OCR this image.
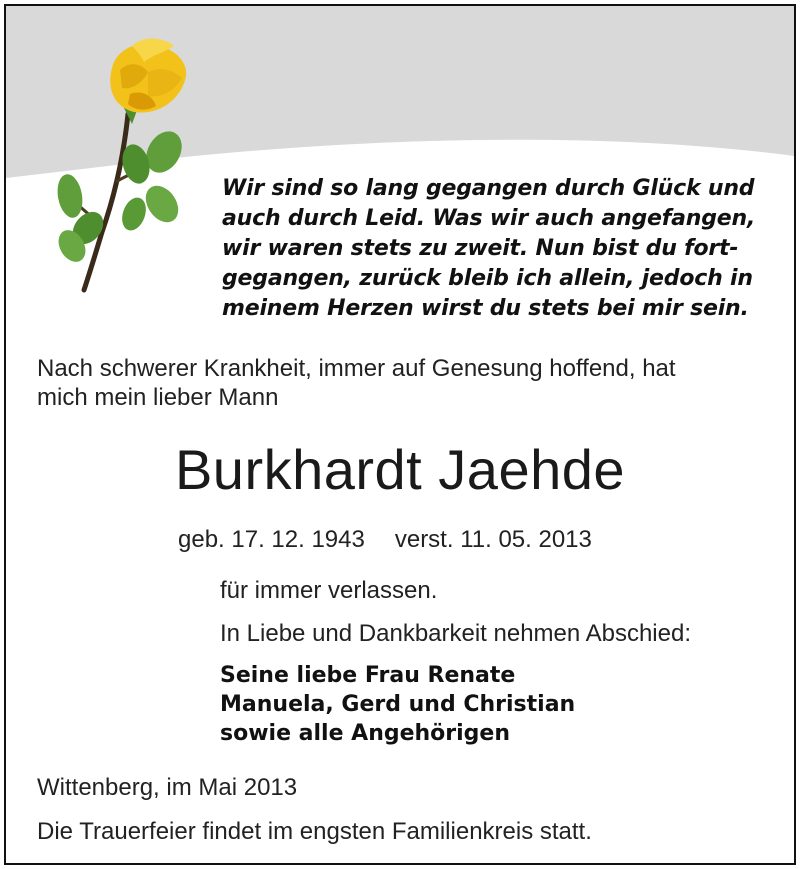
Wir sind so lang gegangen durch Glück und
auch durch Leid. Was wir auch angefangen,
wir waren stets zu zweit. Nun bist du fort-
gegangen, zurück bleib ich allein, jedoch in
meinem Herzen wirst du stets bei mir sein.

Nach schwerer Krankheit, immer auf Genesung hoffend, hat
mich mein lieber Mann

Burkhardt Jaehde
geb. 17. 12. 1943 verst. 11. 05. 2013
für immer verlassen.
In Liebe und Dankbarkeit nehmen Abschied:
Seine liebe Frau Renate
Manuela, Gerd und Christian
sowie alle Angehörigen
Wittenberg, im Mai 2013
Die Trauerfeier findet im engsten Familienkreis statt.
